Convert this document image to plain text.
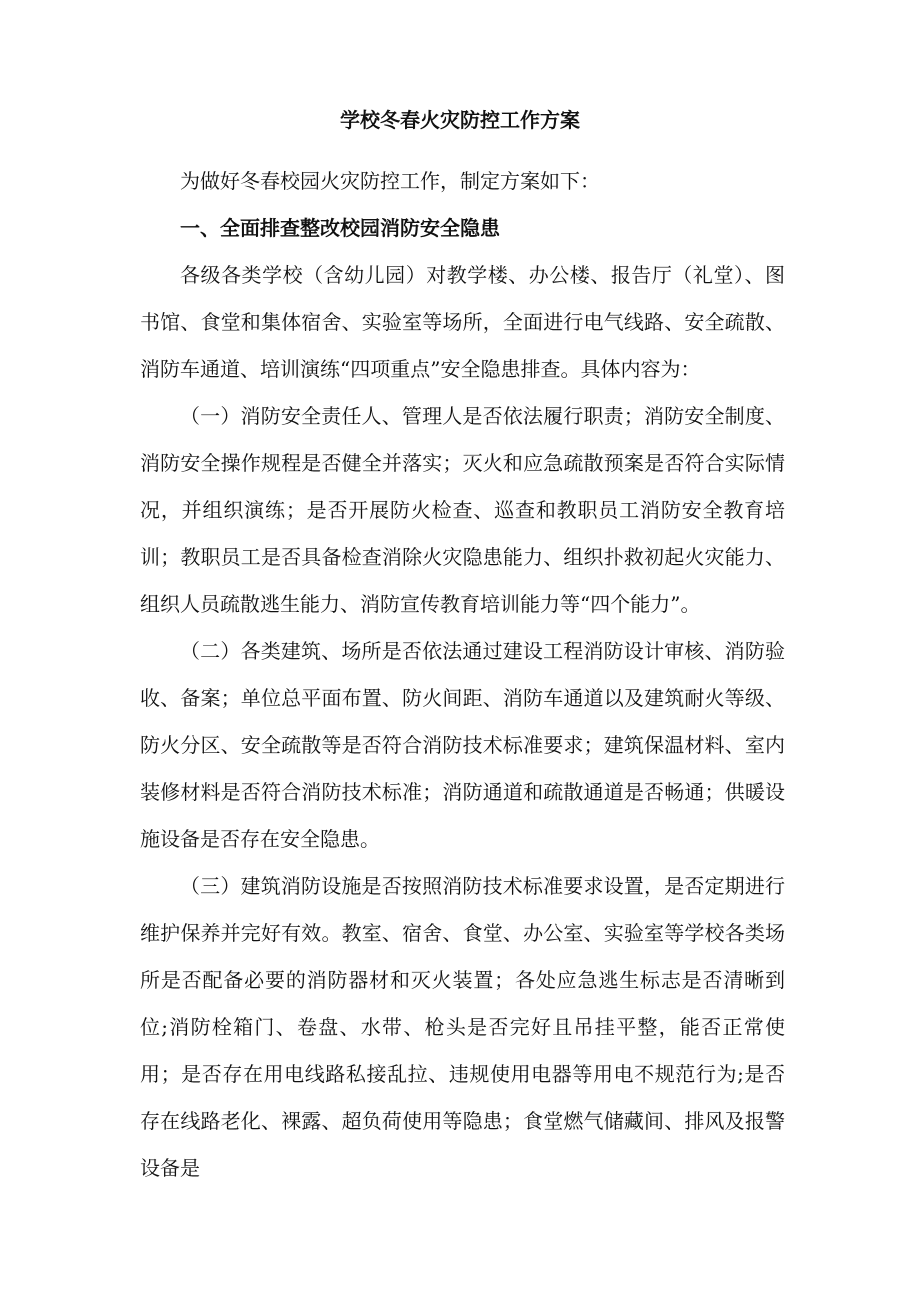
学校冬春火灾防控工作方案

为做好冬春校园火灾防控工作，制定方案如下：

一、全面排查整改校园消防安全隐患

各级各类学校（含幼儿园）对教学楼、办公楼、报告厅（礼堂）、图书馆、食堂和集体宿舍、实验室等场所，全面进行电气线路、安全疏散、消防车通道、培训演练“四项重点”安全隐患排查。具体内容为：

（一）消防安全责任人、管理人是否依法履行职责；消防安全制度、消防安全操作规程是否健全并落实；灭火和应急疏散预案是否符合实际情况，并组织演练；是否开展防火检查、巡查和教职员工消防安全教育培训；教职员工是否具备检查消除火灾隐患能力、组织扑救初起火灾能力、组织人员疏散逃生能力、消防宣传教育培训能力等“四个能力”。

（二）各类建筑、场所是否依法通过建设工程消防设计审核、消防验收、备案；单位总平面布置、防火间距、消防车通道以及建筑耐火等级、防火分区、安全疏散等是否符合消防技术标准要求；建筑保温材料、室内装修材料是否符合消防技术标准；消防通道和疏散通道是否畅通；供暖设施设备是否存在安全隐患。

（三）建筑消防设施是否按照消防技术标准要求设置，是否定期进行维护保养并完好有效。教室、宿舍、食堂、办公室、实验室等学校各类场所是否配备必要的消防器材和灭火装置；各处应急逃生标志是否清晰到位;消防栓箱门、卷盘、水带、枪头是否完好且吊挂平整，能否正常使用；是否存在用电线路私接乱拉、违规使用电器等用电不规范行为;是否存在线路老化、裸露、超负荷使用等隐患；食堂燃气储藏间、排风及报警设备是
